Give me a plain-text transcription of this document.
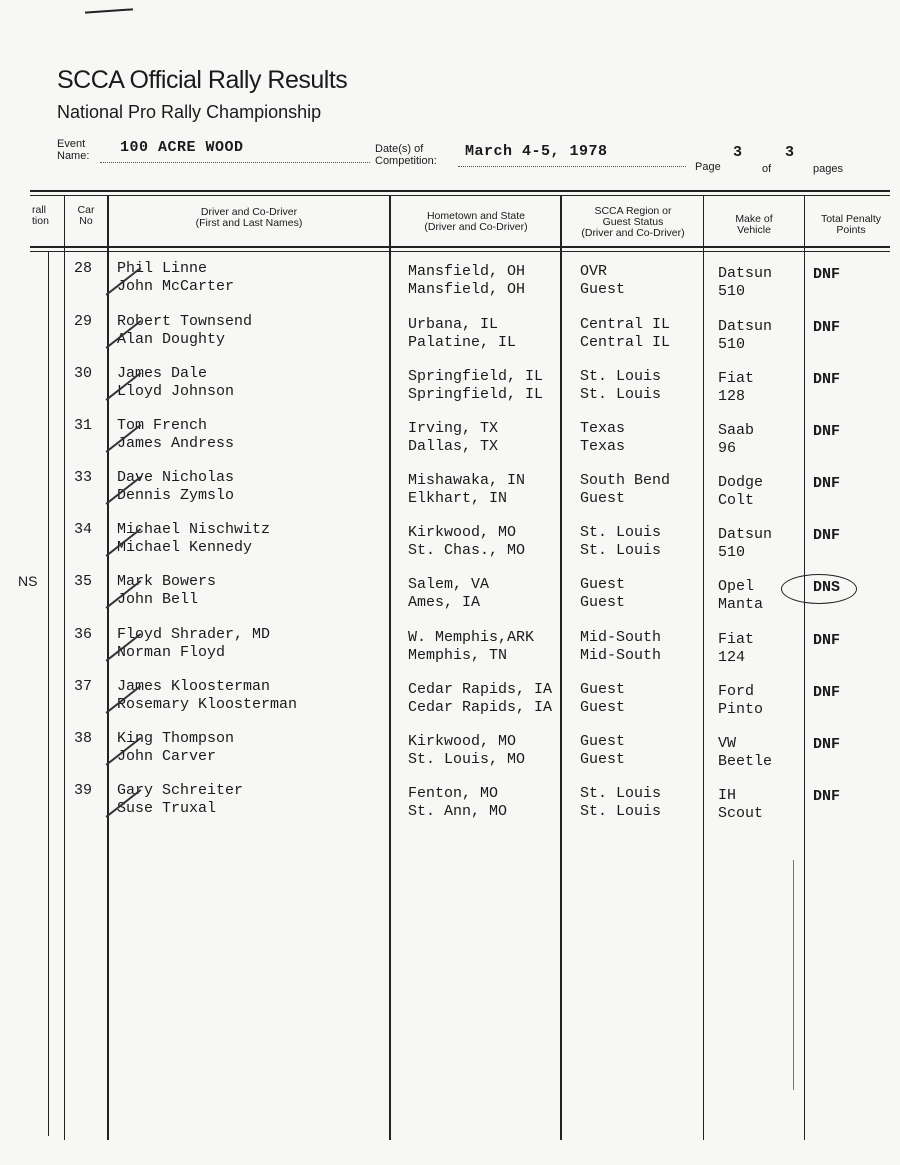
SCCA Official Rally Results
National Pro Rally Championship
Event
Name: 100 ACRE WOOD	Date(s) of
Competition:
March 4-5, 1978
Page
3
of
3
pages
rall
tion
Car
No
Driver and Co-Driver
(First and Last Names)
Hometown and State
(Driver and Co-Driver)
SCCA Region or
Guest Status
(Driver and Co-Driver)
Make of
Vehicle
Total Penalty
Points
NS
28 Phil Linne
John McCarter
Mansfield, OH
Mansfield, OH
OVR
Guest
Datsun
510
DNF
29 Robert Townsend
Alan Doughty
Urbana, IL
Palatine, IL
Central IL
Central IL
Datsun
510
DNF
30 James Dale
Lloyd Johnson
Springfield, IL
Springfield, IL
St. Louis
St. Louis
Fiat
128
DNF
31 Tom French
James Andress
Irving, TX
Dallas, TX
Texas
Texas
Saab
96
DNF
33 Dave Nicholas
Dennis Zymslo
Mishawaka, IN
Elkhart, IN
South Bend
Guest
Dodge
Colt
DNF
34 Michael Nischwitz
Michael Kennedy
Kirkwood, MO
St. Chas., MO
St. Louis
St. Louis
Datsun
510
DNF
35 Mark Bowers
John Bell
Salem, VA
Ames, IA
Guest
Guest
Opel
Manta
DNS
36 Floyd Shrader, MD
Norman Floyd
W. Memphis,ARK
Memphis, TN
Mid-South
Mid-South
Fiat
124
DNF
37 James Kloosterman
Rosemary Kloosterman
Cedar Rapids, IA
Cedar Rapids, IA
Guest
Guest
Ford
Pinto
DNF
38 King Thompson
John Carver
Kirkwood, MO
St. Louis, MO
Guest
Guest
VW
Beetle
DNF
39 Gary Schreiter
Suse Truxal
Fenton, MO
St. Ann, MO
St. Louis
St. Louis
IH
Scout
DNF
